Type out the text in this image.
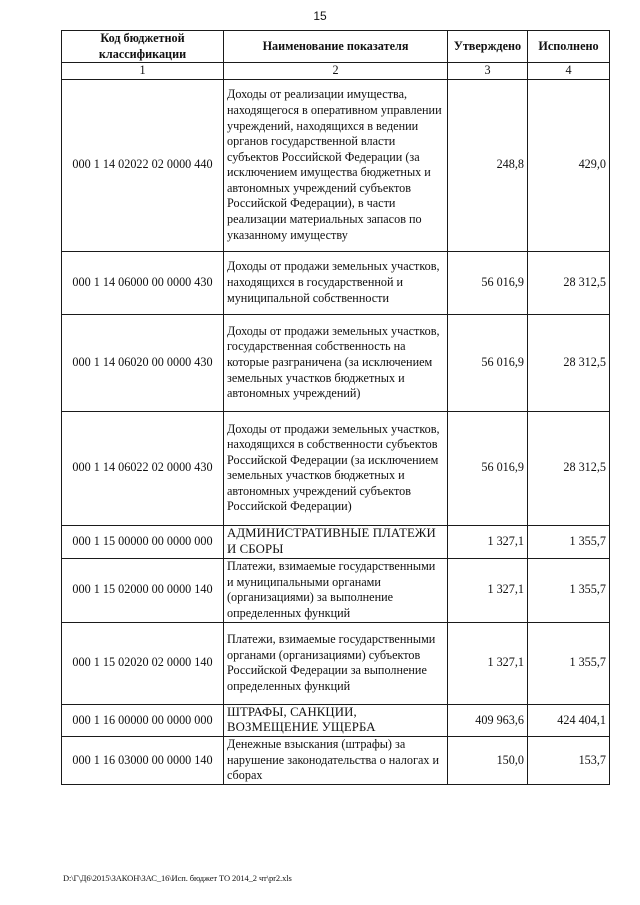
15
Код бюджетной классификации	Наименование показателя	Утверждено	Исполнено
1	2	3	4
000 1 14 02022 02 0000 440	Доходы от реализации имущества, находящегося в оперативном управлении учреждений, находящихся в ведении органов государственной власти субъектов Российской Федерации (за исключением имущества бюджетных и автономных учреждений субъектов Российской Федерации), в части реализации материальных запасов по указанному имуществу	248,8	429,0
000 1 14 06000 00 0000 430	Доходы от продажи земельных участков, находящихся в государственной и муниципальной собственности	56 016,9	28 312,5
000 1 14 06020 00 0000 430	Доходы от продажи земельных участков, государственная собственность на которые разграничена (за исключением земельных участков бюджетных и автономных учреждений)	56 016,9	28 312,5
000 1 14 06022 02 0000 430	Доходы от продажи земельных участков, находящихся в собственности субъектов Российской Федерации (за исключением земельных участков бюджетных и автономных учреждений субъектов Российской Федерации)	56 016,9	28 312,5
000 1 15 00000 00 0000 000	АДМИНИСТРАТИВНЫЕ ПЛАТЕЖИ И СБОРЫ	1 327,1	1 355,7
000 1 15 02000 00 0000 140	Платежи, взимаемые государственными и муниципальными органами (организациями) за выполнение определенных функций	1 327,1	1 355,7
000 1 15 02020 02 0000 140	Платежи, взимаемые государственными органами (организациями) субъектов Российской Федерации за выполнение определенных функций	1 327,1	1 355,7
000 1 16 00000 00 0000 000	ШТРАФЫ, САНКЦИИ, ВОЗМЕЩЕНИЕ УЩЕРБА	409 963,6	424 404,1
000 1 16 03000 00 0000 140	Денежные взыскания (штрафы) за нарушение законодательства о налогах и сборах	150,0	153,7
D:\Г\Д6\2015\ЗАКОН\ЗАС_16\Исп. бюджет ТО 2014_2 чт\pr2.xls
